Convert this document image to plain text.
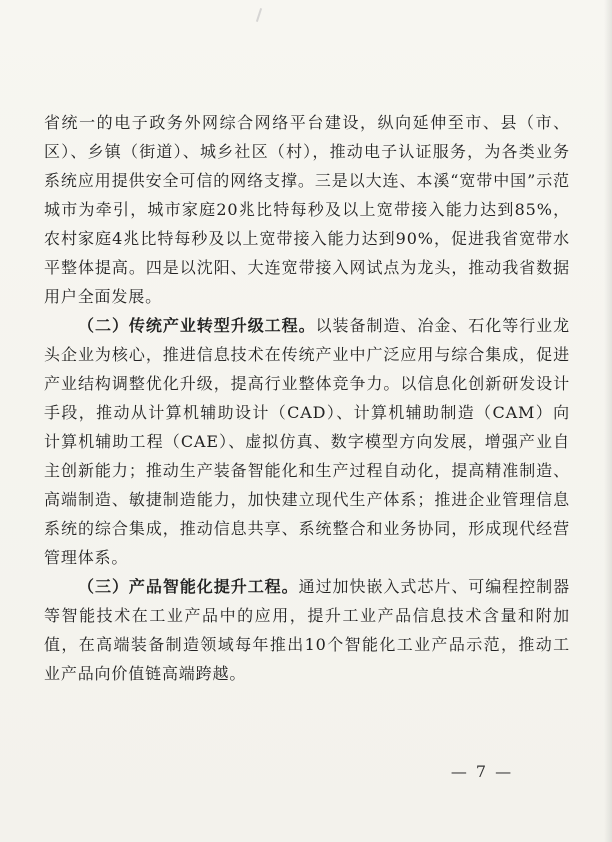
省统一的电子政务外网综合网络平台建设，纵向延伸至市、县（市、区）、乡镇（街道）、城乡社区（村），推动电子认证服务，为各类业务系统应用提供安全可信的网络支撑。三是以大连、本溪“宽带中国”示范城市为牵引，城市家庭20兆比特每秒及以上宽带接入能力达到85%，农村家庭4兆比特每秒及以上宽带接入能力达到90%，促进我省宽带水平整体提高。四是以沈阳、大连宽带接入网试点为龙头，推动我省数据用户全面发展。

（二）传统产业转型升级工程。以装备制造、冶金、石化等行业龙头企业为核心，推进信息技术在传统产业中广泛应用与综合集成，促进产业结构调整优化升级，提高行业整体竞争力。以信息化创新研发设计手段，推动从计算机辅助设计（CAD）、计算机辅助制造（CAM）向计算机辅助工程（CAE）、虚拟仿真、数字模型方向发展，增强产业自主创新能力；推动生产装备智能化和生产过程自动化，提高精准制造、高端制造、敏捷制造能力，加快建立现代生产体系；推进企业管理信息系统的综合集成，推动信息共享、系统整合和业务协同，形成现代经营管理体系。

（三）产品智能化提升工程。通过加快嵌入式芯片、可编程控制器等智能技术在工业产品中的应用，提升工业产品信息技术含量和附加值，在高端装备制造领域每年推出10个智能化工业产品示范，推动工业产品向价值链高端跨越。

— 7 —
